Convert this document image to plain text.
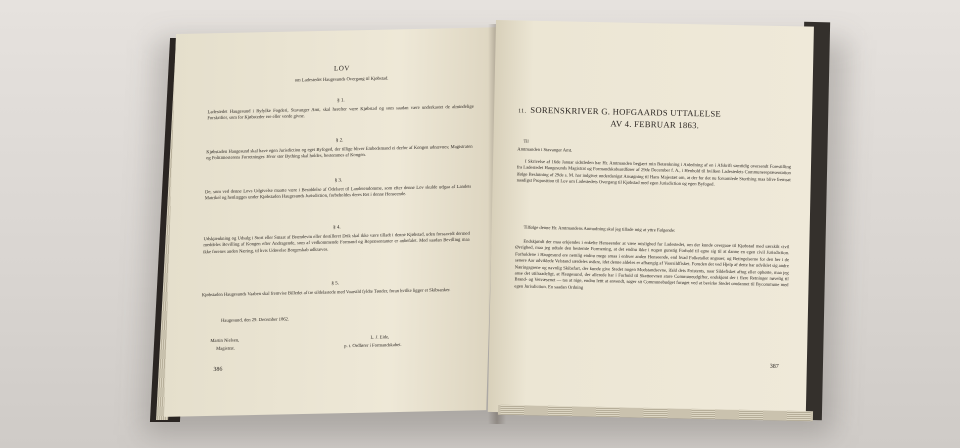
LOV
om Ladestedet Haugesunds Overgang til Kjøbstad.
§ 1.
Ladestedet Haugesund i Ryfylke Fogderi, Stavanger Amt, skal herefter være Kjøbstad og som saadan være underkastet de almindelige Forskrifter, som for Kjøbsteder ere eller vorde givne.
§ 2.
Kjøbstaden Haugesund skal have egen Jurisdiction og eget Byfoged, der tillige bliver Embedsmand ei derfor af Kongen udnævnes; Magistraten og Politimesterens Forretninger. Hvor stor Bything skal holdes, bestemmes af Kongen.
§ 3.
De, som ved denne Lovs Udgivelse maatte være i Besiddelse af Odelsret til Landeiendomme, som efter denne Lov skulde udgaa af Landets Matrikel og henlægges under Kjøbstaden Haugesunds Jurisdiction, forbeholdes deres Ret i denne Henseende.
§ 4.
Udskjænkning og Udsalg i Stort eller Smaat af Brændevin eller destilleret Drik skal ikke være tilladt i denne Kjøbstad, uden forsaavidt dermed meddeles Bevilling af Kongen efter Andragende, som af vedkommende Formand og Repræsentanter er anbefalet. Med saadan Bevilling maa ikke forenes anden Næring, til hvis Udøvelse Borgerskab udkræves.
§ 5.
Kjøbstaden Haugesunds Vaaben skal fremvise Billedet af tre sildelastede med Vaarsild fyldte Tønder, foran hvilke ligger et Skibsanker.
Haugesund, den 29. December 1862.
Martin Nielsen,
Magistrat.
L. J. Eide,
p. t. Ordfører i Formandskabet.
386
11. SORENSKRIVER G. HOFGAARDS UTTALELSE
AV 4. FEBRUAR 1863.
Til
Amtmanden i Stavanger Amt.
I Skrivelse af 16de Januar sidstleden har Hr. Amtmanden begjært min Betænkning i Anledning af en i Afskrift samtidig oversendt Forestilling fra Ladestedet Haugesunds Magistrat og Formandskabsordfører af 29de December f. A., i Henhold til hvilken Ladestedets Communerepræsentation ifølge Beslutning af 29de s. M. har indgivet underdanigst Ansøgning til Hans Majestæt om, at der for det nu forsamlede Storthing maa blive fremsat naadigst Proposition til Lov om Ladestedets Overgang til Kjøbstad med egen Jurisdiction og egen Byfoged.
Tilfølge denne Hr. Amtmandens Anmodning skal jeg tillade mig at yttre Følgende:
Endskjøndt der maa erkjendes i enkelte Henseender at være mislighed for Ladestedet, om der kunde overgaae til Kjøbstad med særskilt civil Øvrighed, maa jeg udtale den bestemte Formening, at det endnu ikke i nogen gunstig Forhold til egne sig til at danne en egen civil Jurisdiction. Forholdene i Haugesund ere nemlig endnu mege smaa i enhver anden Henseende, end hvad Folketallet angaaer, og Betingelserne for den her i de senere Aar udviklede Velstand særdeles usikre, idet denne aldeles er afhængig af Vaarsildfisket. Foruden det ved Hjelp af dette har udviklet sig andre Næringsgrene og navnlig Skibsfart, der kunde give Stedet nogen Modstandsevne, ifald dets Existents, naar Sildefisket aftog eller ophørte, maa jeg anse det utilraadeligt, at Haugesund, der allerede har i Forhold til Skatteevnen store Communeudgifter, endskjønt der i flere Retninger nøvelig til Brand- og Veivæsenet — tas at nige, endnu lettt at anvendt, søger sit Communebudget forøget ved at bevirke Stedet omdannet til Bycommune med egen Jurisdiction. En saadan Ordning
387
